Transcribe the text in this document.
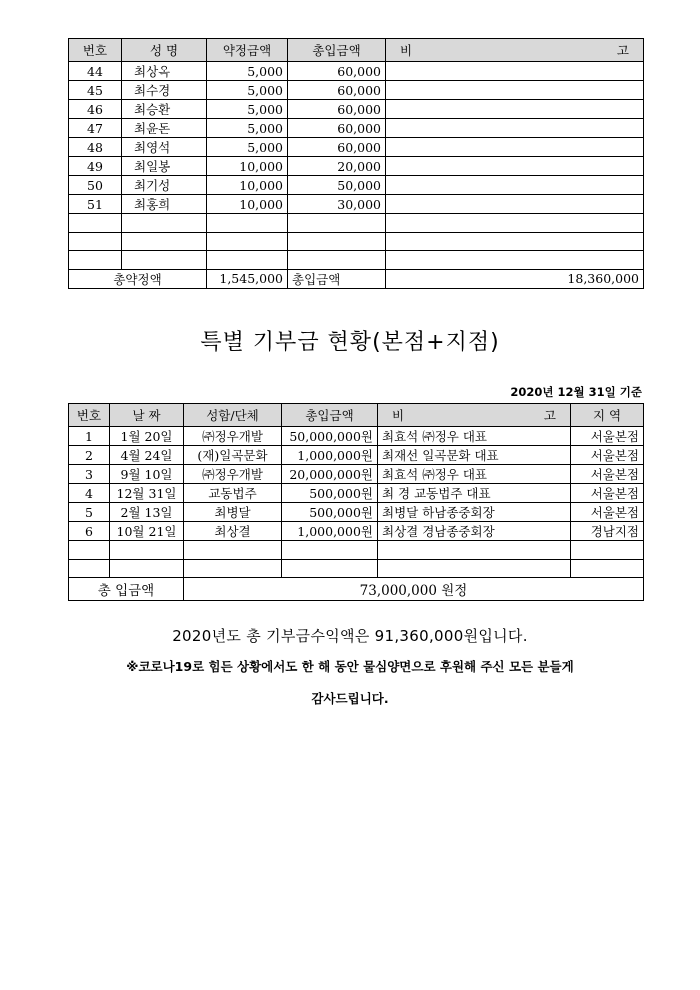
번호	성 명	약정금액	총입금액	비 고

44	최상옥	5,000	60,000	
45	최수경	5,000	60,000	
46	최승환	5,000	60,000	
47	최윤돈	5,000	60,000	
48	최영석	5,000	60,000	
49	최일봉	10,000	20,000	
50	최기성	10,000	50,000	
51	최홍희	10,000	30,000	

총약정액		1,545,000	총입금액	18,360,000
특별 기부금 현황(본점+지점)
2020년 12월 31일 기준
번호	날 짜	성함/단체	총입금액	비 고	지 역
1	1월 20일	㈜정우개발	50,000,000원	최효석 ㈜정우 대표	서울본점
2	4월 24일	(재)일곡문화	1,000,000원	최재선 일곡문화 대표	서울본점
3	9월 10일	㈜정우개발	20,000,000원	최효석 ㈜정우 대표	서울본점
4	12월 31일	교동법주	500,000원	최 경 교동법주 대표	서울본점
5	2월 13일	최병달	500,000원	최병달 하남종중회장	서울본점
6	10월 21일	최상결	1,000,000원	최상결 경남종중회장	경남지점

총 입금액		73,000,000 원정			
2020년도 총 기부금수익액은 91,360,000원입니다.
※코로나19로 힘든 상황에서도 한 해 동안 물심양면으로 후원해 주신 모든 분들게
감사드립니다.
